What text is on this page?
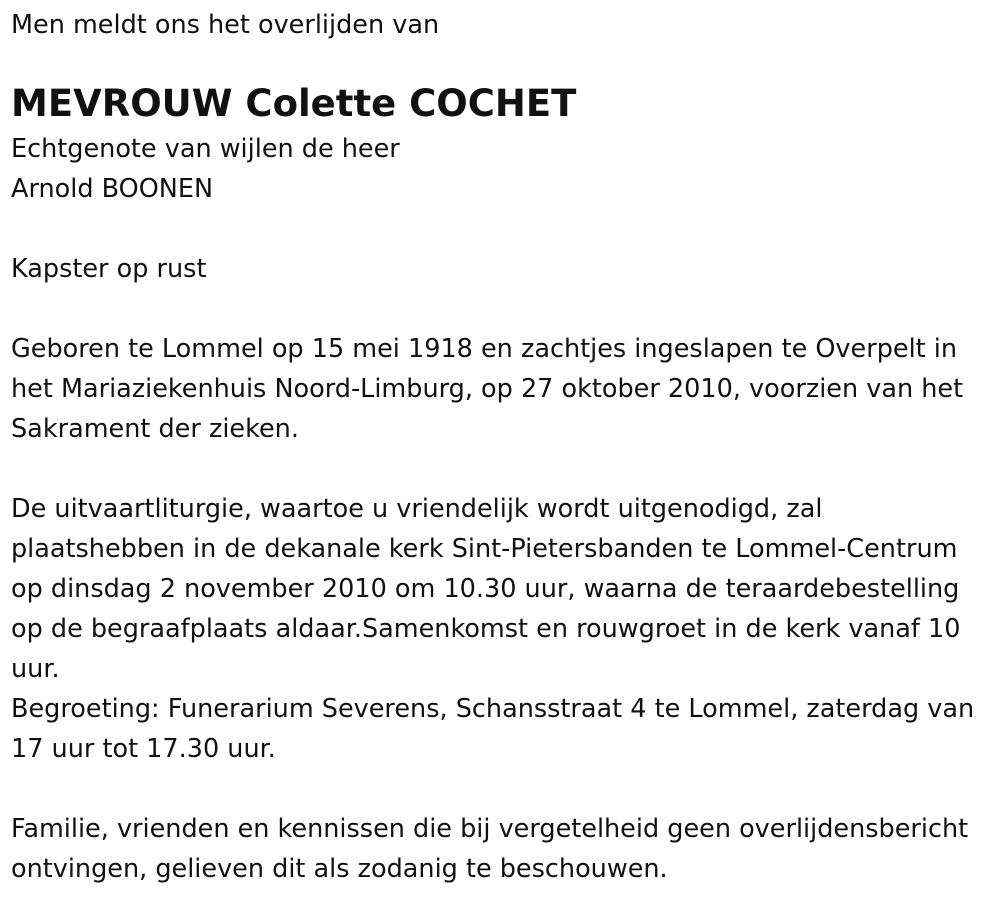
Men meldt ons het overlijden van

MEVROUW Colette COCHET

Echtgenote van wijlen de heer

Arnold BOONEN

Kapster op rust

Geboren te Lommel op 15 mei 1918 en zachtjes ingeslapen te Overpelt in het Mariaziekenhuis Noord-Limburg, op 27 oktober 2010, voorzien van het Sakrament der zieken.

De uitvaartliturgie, waartoe u vriendelijk wordt uitgenodigd, zal plaatshebben in de dekanale kerk Sint-Pietersbanden te Lommel-Centrum op dinsdag 2 november 2010 om 10.30 uur, waarna de teraardebestelling op de begraafplaats aldaar.Samenkomst en rouwgroet in de kerk vanaf 10 uur.

Begroeting: Funerarium Severens, Schansstraat 4 te Lommel, zaterdag van 17 uur tot 17.30 uur.

Familie, vrienden en kennissen die bij vergetelheid geen overlijdensbericht ontvingen, gelieven dit als zodanig te beschouwen.
